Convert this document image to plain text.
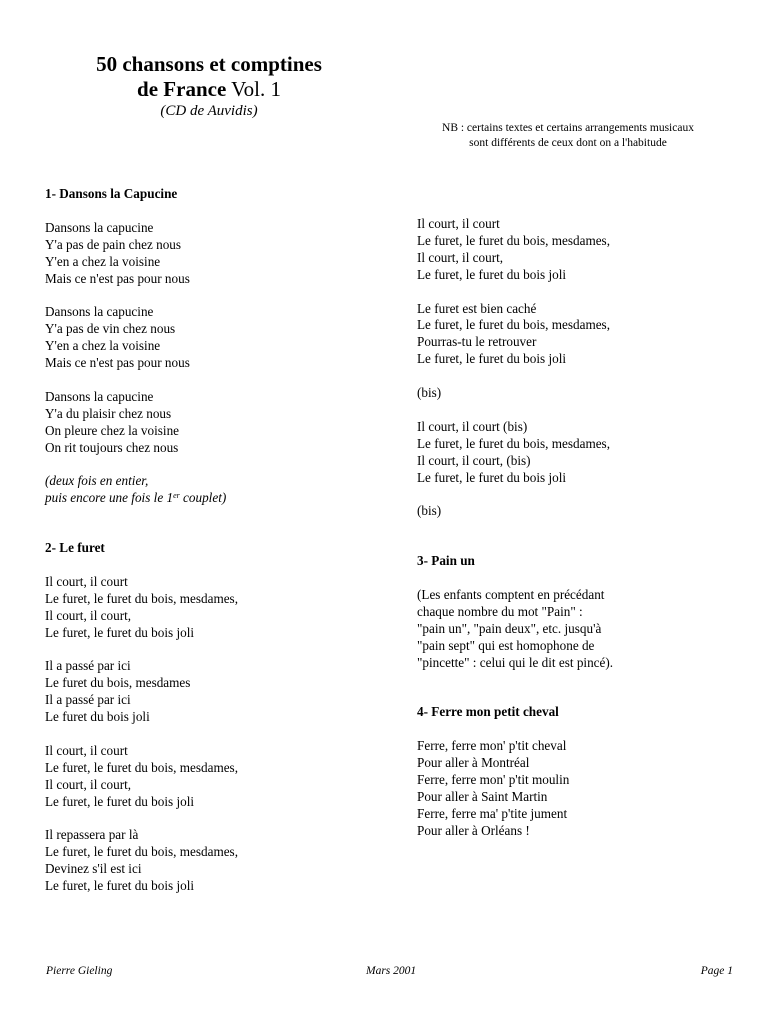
50 chansons et comptines
de France Vol. 1
(CD de Auvidis)
NB : certains textes et certains arrangements musicaux
sont différents de ceux dont on a l'habitude
1- Dansons la Capucine
Dansons la capucine
Y'a pas de pain chez nous
Y'en a chez la voisine
Mais ce n'est pas pour nous
Dansons la capucine
Y'a pas de vin chez nous
Y'en a chez la voisine
Mais ce n'est pas pour nous
Dansons la capucine
Y'a du plaisir chez nous
On pleure chez la voisine
On rit toujours chez nous
(deux fois en entier,
puis encore une fois le 1er couplet)
2- Le furet
Il court, il court
Le furet, le furet du bois, mesdames,
Il court, il court,
Le furet, le furet du bois joli
Il a passé par ici
Le furet du bois, mesdames
Il a passé par ici
Le furet du bois joli
Il court, il court
Le furet, le furet du bois, mesdames,
Il court, il court,
Le furet, le furet du bois joli
Il repassera par là
Le furet, le furet du bois, mesdames,
Devinez s'il est ici
Le furet, le furet du bois joli
Il court, il court
Le furet, le furet du bois, mesdames,
Il court, il court,
Le furet, le furet du bois joli
Le furet est bien caché
Le furet, le furet du bois, mesdames,
Pourras-tu le retrouver
Le furet, le furet du bois joli
(bis)
Il court, il court (bis)
Le furet, le furet du bois, mesdames,
Il court, il court, (bis)
Le furet, le furet du bois joli
(bis)
3- Pain un
(Les enfants comptent en précédant
chaque nombre du mot "Pain" :
"pain un", "pain deux", etc. jusqu'à
"pain sept" qui est homophone de
"pincette" : celui qui le dit est pincé).
4- Ferre mon petit cheval
Ferre, ferre mon' p'tit cheval
Pour aller à Montréal
Ferre, ferre mon' p'tit moulin
Pour aller à Saint Martin
Ferre, ferre ma' p'tite jument
Pour aller à Orléans !
Pierre Gieling	Mars 2001	Page 1
